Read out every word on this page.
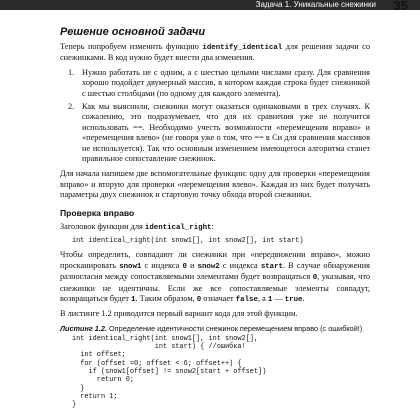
Задача 1. Уникальные снежинки 35
Решение основной задачи

Теперь попробуем изменить функцию identify_identical для решения задачи со снежинками. В код нужно будет внести два изменения.

1. Нужно работать не с одним, а с шестью целыми числами сразу. Для сравнения хорошо подойдет двумерный массив, в котором каждая строка будет снежинкой с шестью столбцами (по одному для каждого элемента).
2. Как мы выяснили, снежинки могут оказаться одинаковыми в трех случаях. К сожалению, это подразумевает, что для их сравнения уже не получится использовать ==. Необходимо учесть возможности «перемещения вправо» и «перемещения влево» (не говоря уже о том, что == в Си для сравнения массивов не используется). Так что основным изменением имеющегося алгоритма станет правильное сопоставление снежинок.

Для начала напишем две вспомогательные функции: одну для проверки «перемещения вправо» и вторую для проверки «перемещения влево». Каждая из них будет получать параметры двух снежинок и стартовую точку обхода второй снежинки.

Проверка вправо

Заголовок функции для identical_right:

int identical_right(int snow1[], int snow2[], int start)

Чтобы определить, совпадают ли снежинки при «передвижении вправо», можно просканировать snow1 с индекса 0 и snow2 с индекса start. В случае обнаружения разногласия между сопоставляемыми элементами будет возвращаться 0, указывая, что снежинки не идентичны. Если же все сопоставляемые элементы совпадут, возвращаться будет 1. Таким образом, 0 означает false, а 1 — true.

В листинге 1.2 приводится первый вариант кода для этой функции.

Листинг 1.2. Определение идентичности снежинок перемещением вправо (с ошибкой!)
int identical_right(int snow1[], int snow2[],
int start) { //ошибка!
int offset;
for (offset =0; offset < 6; offset++) {
if (snow1[offset] != snow2[start + offset])
return 0;
}
return 1;
}
